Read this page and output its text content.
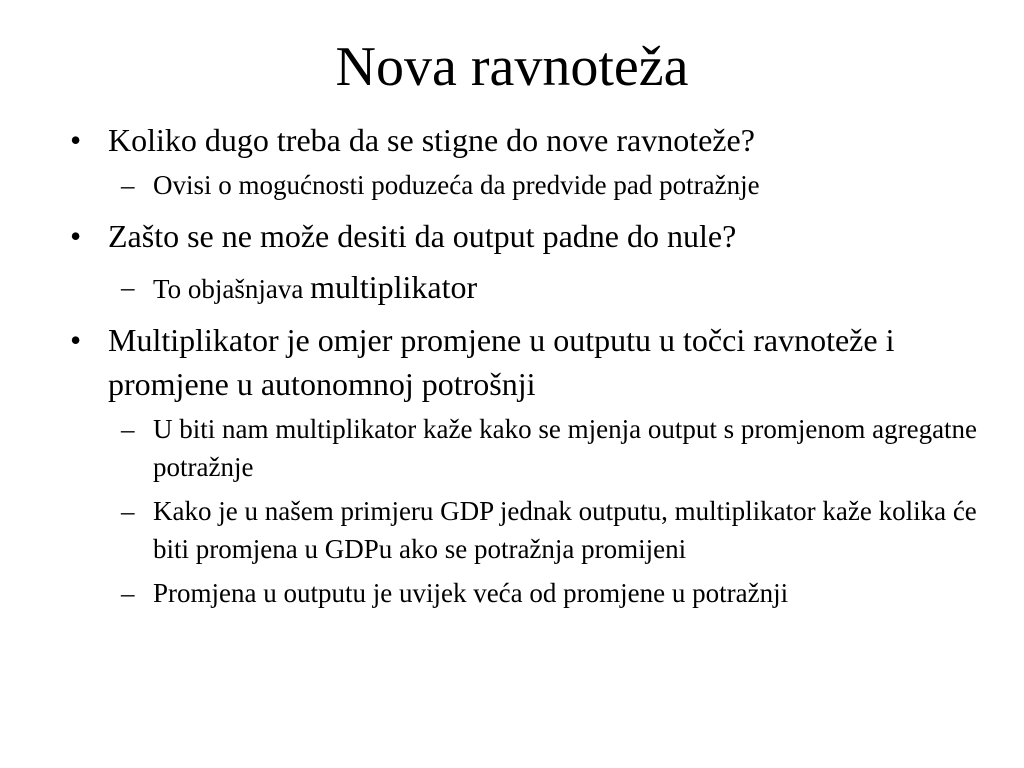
Nova ravnoteža

• Koliko dugo treba da se stigne do nove ravnoteže?

– Ovisi o mogućnosti poduzeća da predvide pad potražnje

• Zašto se ne može desiti da output padne do nule?

– To objašnjava multiplikator

• Multiplikator je omjer promjene u outputu u točci ravnoteže i promjene u autonomnoj potrošnji

– U biti nam multiplikator kaže kako se mjenja output s promjenom agregatne potražnje

– Kako je u našem primjeru GDP jednak outputu, multiplikator kaže kolika će biti promjena u GDPu ako se potražnja promijeni

– Promjena u outputu je uvijek veća od promjene u potražnji
